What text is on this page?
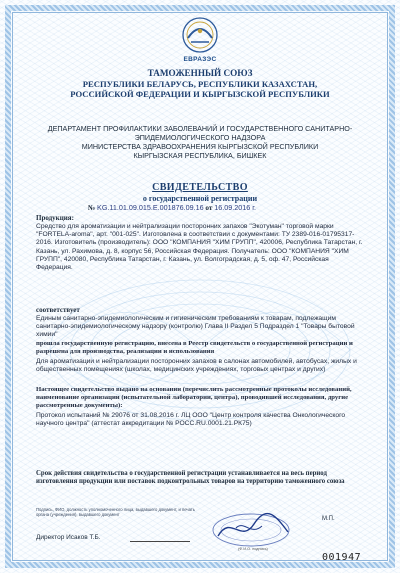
ЕВРАЗЭС
ТАМОЖЕННЫЙ СОЮЗ
РЕСПУБЛИКИ БЕЛАРУСЬ, РЕСПУБЛИКИ КАЗАХСТАН,
РОССИЙСКОЙ ФЕДЕРАЦИИ И КЫРГЫЗСКОЙ РЕСПУБЛИКИ
ДЕПАРТАМЕНТ ПРОФИЛАКТИКИ ЗАБОЛЕВАНИЙ И ГОСУДАРСТВЕННОГО САНИТАРНО-
ЭПИДЕМИОЛОГИЧЕСКОГО НАДЗОРА
МИНИСТЕРСТВА ЗДРАВООХРАНЕНИЯ КЫРГЫЗСКОЙ РЕСПУБЛИКИ
КЫРГЫЗСКАЯ РЕСПУБЛИКА, БИШКЕК
СВИДЕТЕЛЬСТВО
о государственной регистрации
№ KG.11.01.09.015.E.001876.09.16 от 16.09.2016 г.
Продукция:
Средство для ароматизации и нейтрализации посторонних запахов "Экотуман" торговой марки "FORTELA-aroma", арт. "001-025". Изготовлена в соответствии с документами: ТУ 2389-016-01795317-2016. Изготовитель (производитель): ООО "КОМПАНИЯ "ХИМ ГРУПП", 420006, Республика Татарстан, г. Казань, ул. Рахимова, д. 8, корпус 56, Российская Федерация. Получатель: ООО "КОМПАНИЯ "ХИМ ГРУПП", 420080, Республика Татарстан, г. Казань, ул. Волгоградская, д. 5, оф. 47, Российская Федерация.
соответствует
Единым санитарно-эпидемиологическим и гигиеническим требованиям к товарам, подлежащим санитарно-эпидемиологическому надзору (контролю) Глава II Раздел 5 Подраздел 1 "Товары бытовой химии"
прошла государственную регистрацию, внесена в Реестр свидетельств о государственной регистрации и разрешена для производства, реализации и использования
Для ароматизации и нейтрализации посторонних запахов в салонах автомобилей, автобусах, жилых и общественных помещениях (школах, медицинских учреждениях, торговых центрах и других)
Настоящее свидетельство выдано на основании (перечислить рассмотренные протоколы исследований, наименование организации (испытательной лаборатории, центра), проводившей исследования, другие рассмотренные документы):
Протокол испытаний № 29076 от 31.08.2016 г. ЛЦ ООО "Центр контроля качества Онкологического научного центра" (аттестат аккредитации № РОСС.RU.0001.21.РК75)
Срок действия свидетельства о государственной регистрации устанавливается на весь период изготовления продукции или поставок подконтрольных товаров на территорию таможенного союза
Подпись, ФИО, должность уполномоченного лица, выдавшего документ, и печать органа (учреждения), выдавшего документ
Директор Исаков Т.Б.
(Ф.И.О. подпись)
М.П.
001947
